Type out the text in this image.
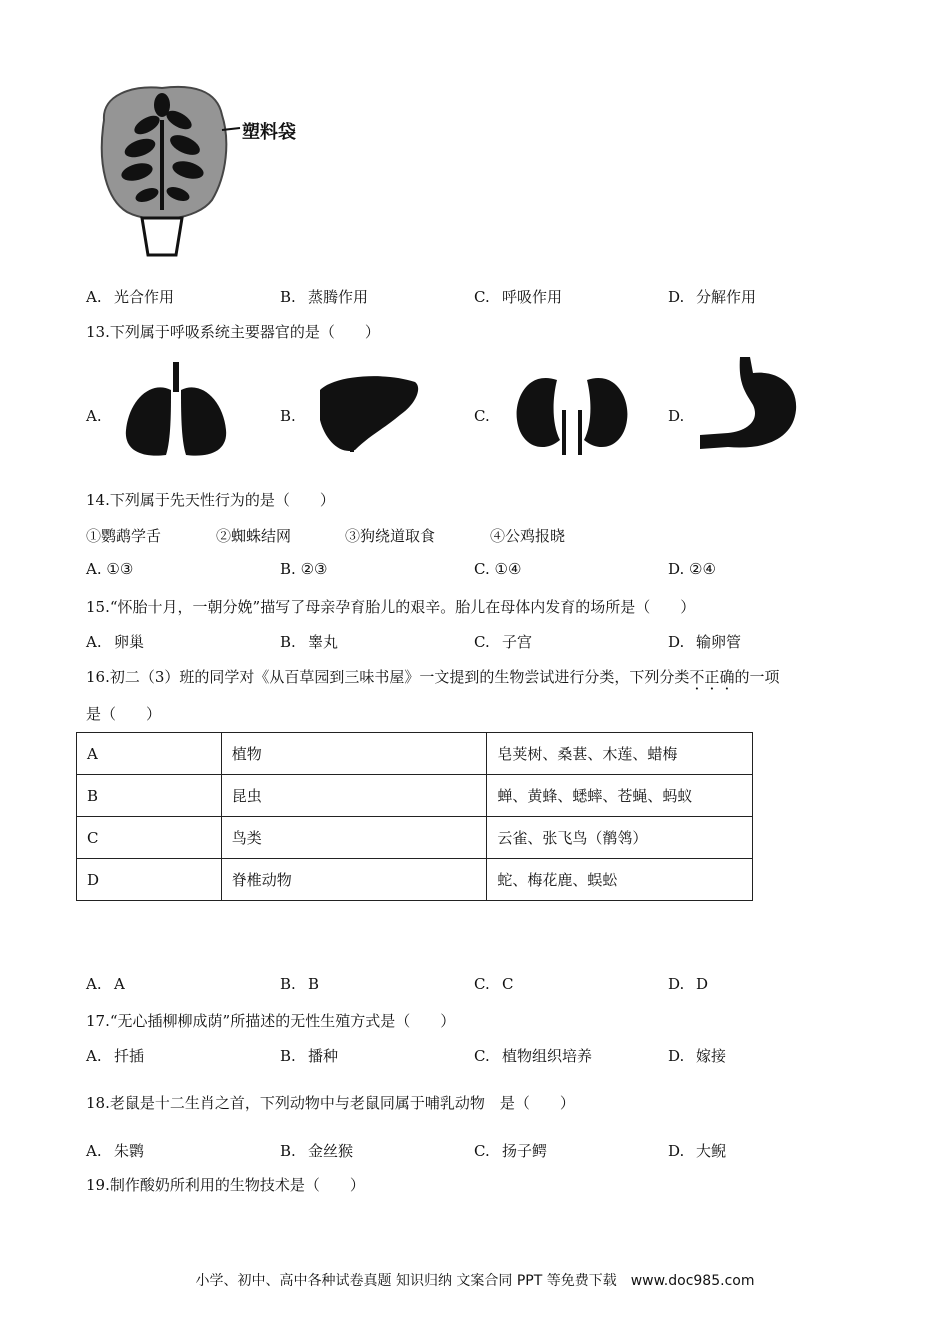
塑料袋
A. 光合作用	B. 蒸腾作用	C. 呼吸作用	D. 分解作用
13.下列属于呼吸系统主要器官的是（　　）
A.	B.	C.	D.
14.下列属于先天性行为的是（　　）
①鹦鹉学舌	②蜘蛛结网	③狗绕道取食	④公鸡报晓
A. ①③	B. ②③	C. ①④	D. ②④
15.“怀胎十月，一朝分娩”描写了母亲孕育胎儿的艰辛。胎儿在母体内发育的场所是（　　）
A. 卵巢	B. 睾丸	C. 子宫	D. 输卵管
16.初二（3）班的同学对《从百草园到三味书屋》一文提到的生物尝试进行分类，下列分类不正确的一项
是（　　）
A	植物	皂荚树、桑葚、木莲、蜡梅
B	昆虫	蝉、黄蜂、蟋蟀、苍蝇、蚂蚁
C	鸟类	云雀、张飞鸟（鹡鸰）
D	脊椎动物	蛇、梅花鹿、蜈蚣
A. A	B. B	C. C	D. D
17.“无心插柳柳成荫”所描述的无性生殖方式是（　　）
A. 扦插	B. 播种	C. 植物组织培养	D. 嫁接
18.老鼠是十二生肖之首，下列动物中与老鼠同属于哺乳动物　是（　　）
A. 朱鹮	B. 金丝猴	C. 扬子鳄	D. 大鲵
19.制作酸奶所利用的生物技术是（　　）
小学、初中、高中各种试卷真题 知识归纳 文案合同 PPT 等免费下载　www.doc985.com
